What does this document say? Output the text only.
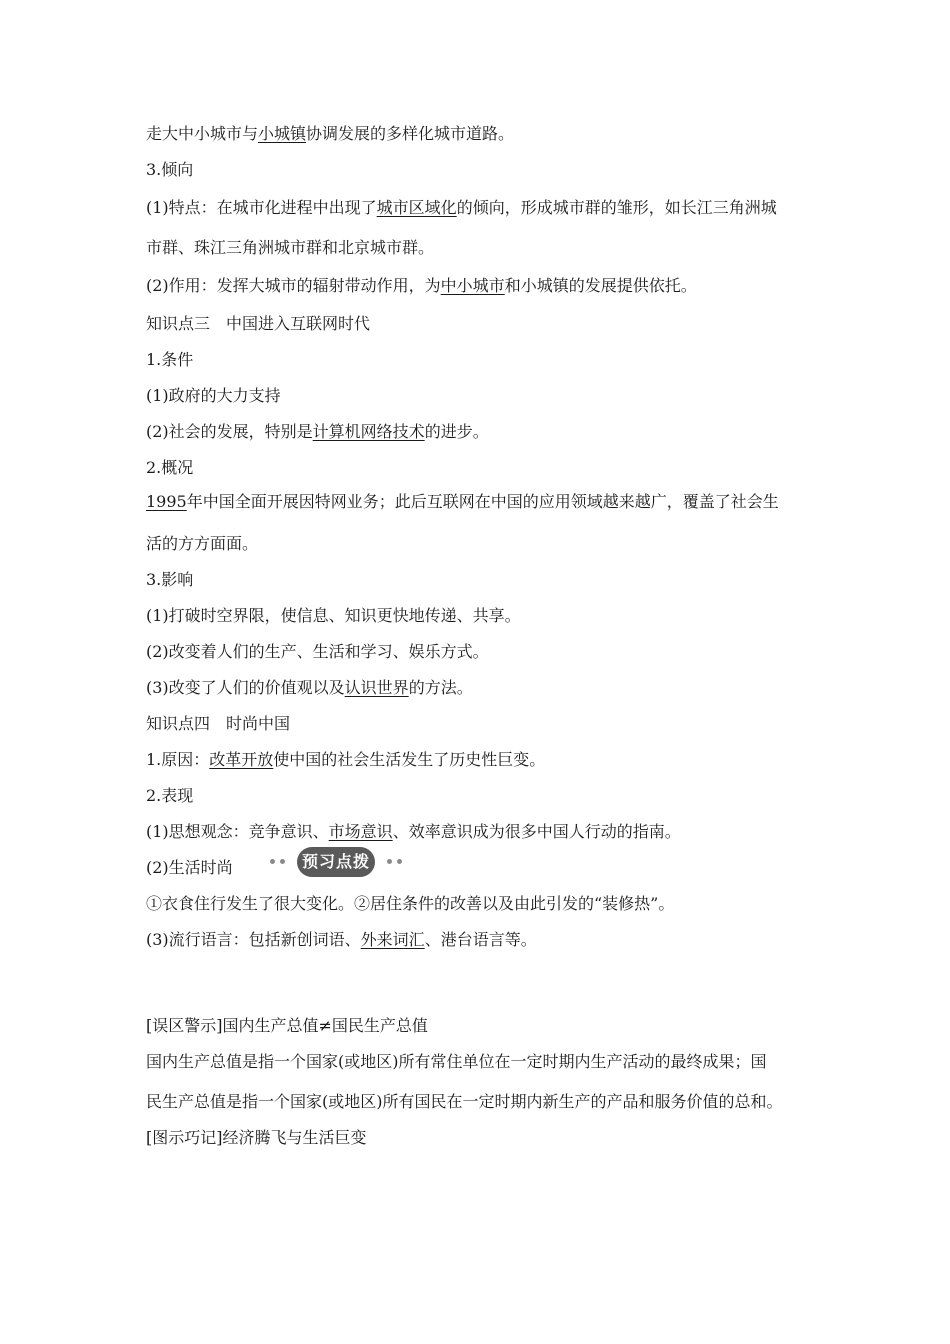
走大中小城市与小城镇协调发展的多样化城市道路。
3.倾向
(1)特点：在城市化进程中出现了城市区域化的倾向，形成城市群的雏形，如长江三角洲城
市群、珠江三角洲城市群和北京城市群。
(2)作用：发挥大城市的辐射带动作用，为中小城市和小城镇的发展提供依托。
知识点三　中国进入互联网时代
1.条件
(1)政府的大力支持
(2)社会的发展，特别是计算机网络技术的进步。
2.概况
1995年中国全面开展因特网业务；此后互联网在中国的应用领域越来越广，覆盖了社会生
活的方方面面。
3.影响
(1)打破时空界限，使信息、知识更快地传递、共享。
(2)改变着人们的生产、生活和学习、娱乐方式。
(3)改变了人们的价值观以及认识世界的方法。
知识点四　时尚中国
1.原因：改革开放使中国的社会生活发生了历史性巨变。
2.表现
(1)思想观念：竞争意识、市场意识、效率意识成为很多中国人行动的指南。
(2)生活时尚
①衣食住行发生了很大变化。②居住条件的改善以及由此引发的“装修热”。
(3)流行语言：包括新创词语、外来词汇、港台语言等。
[误区警示]国内生产总值≠国民生产总值
国内生产总值是指一个国家(或地区)所有常住单位在一定时期内生产活动的最终成果；国
民生产总值是指一个国家(或地区)所有国民在一定时期内新生产的产品和服务价值的总和。
[图示巧记]经济腾飞与生活巨变
预习点拨
